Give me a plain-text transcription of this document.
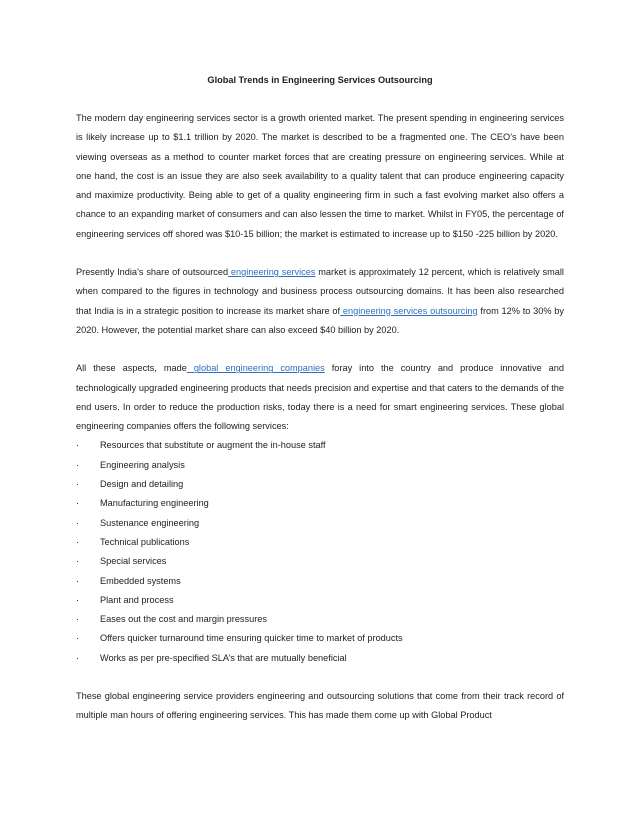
Global Trends in Engineering Services Outsourcing

The modern day engineering services sector is a growth oriented market. The present spending in engineering services is likely increase up to $1.1 trillion by 2020. The market is described to be a fragmented one. The CEO’s have been viewing overseas as a method to counter market forces that are creating pressure on engineering services. While at one hand, the cost is an issue they are also seek availability to a quality talent that can produce engineering capacity and maximize productivity. Being able to get of a quality engineering firm in such a fast evolving market also offers a chance to an expanding market of consumers and can also lessen the time to market. Whilst in FY05, the percentage of engineering services off shored was $10-15 billion; the market is estimated to increase up to $150 -225 billion by 2020.

Presently India’s share of outsourced engineering services market is approximately 12 percent, which is relatively small when compared to the figures in technology and business process outsourcing domains. It has been also researched that India is in a strategic position to increase its market share of engineering services outsourcing from 12% to 30% by 2020. However, the potential market share can also exceed $40 billion by 2020.

All these aspects, made global engineering companies foray into the country and produce innovative and technologically upgraded engineering products that needs precision and expertise and that caters to the demands of the end users. In order to reduce the production risks, today there is a need for smart engineering services. These global engineering companies offers the following services:

· Resources that substitute or augment the in-house staff
· Engineering analysis
· Design and detailing
· Manufacturing engineering
· Sustenance engineering
· Technical publications
· Special services
· Embedded systems
· Plant and process
· Eases out the cost and margin pressures
· Offers quicker turnaround time ensuring quicker time to market of products
· Works as per pre-specified SLA’s that are mutually beneficial

These global engineering service providers engineering and outsourcing solutions that come from their track record of multiple man hours of offering engineering services. This has made them come up with Global Product
